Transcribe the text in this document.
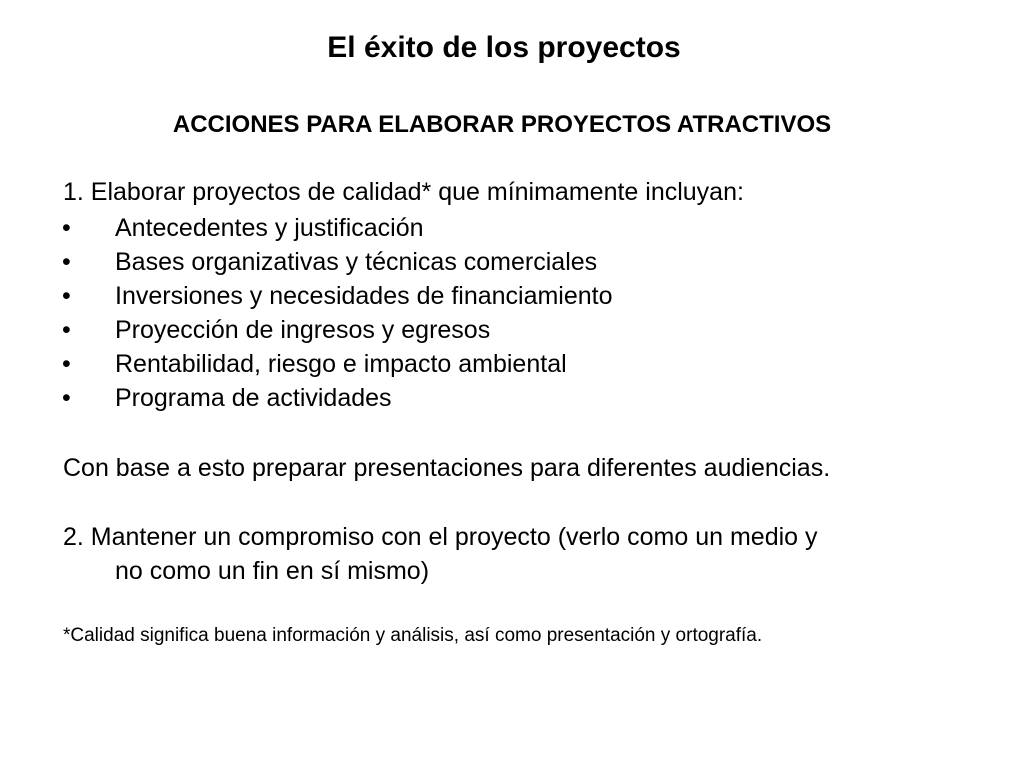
El éxito de los proyectos
ACCIONES PARA ELABORAR PROYECTOS ATRACTIVOS
1. Elaborar proyectos de calidad* que mínimamente incluyan:
• Antecedentes y justificación
• Bases organizativas y técnicas comerciales
• Inversiones y necesidades de financiamiento
• Proyección de ingresos y egresos
• Rentabilidad, riesgo e impacto ambiental
• Programa de actividades
Con base a esto preparar presentaciones para diferentes audiencias.
2. Mantener un compromiso con el proyecto (verlo como un medio y
no como un fin en sí mismo)
*Calidad significa buena información y análisis, así como presentación y ortografía.
